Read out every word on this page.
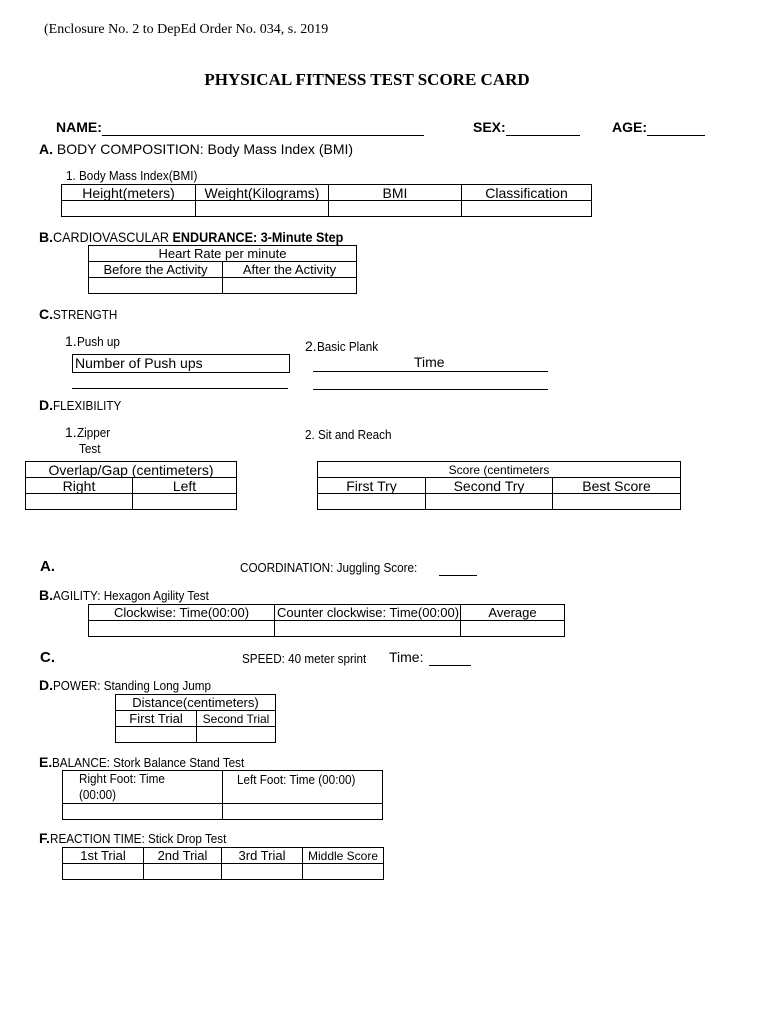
(Enclosure No. 2 to DepEd Order No. 034, s. 2019
PHYSICAL FITNESS TEST SCORE CARD
NAME:	SEX:	AGE:
A. BODY COMPOSITION: Body Mass Index (BMI)
1. Body Mass Index(BMI)
Height(meters)	Weight(Kilograms)	BMI	Classification

B.CARDIOVASCULAR ENDURANCE: 3-Minute Step
Heart Rate per minute	
Before the Activity	After the Activity

C.STRENGTH
1.Push up
Number of Push ups
2.Basic Plank
Time
D.FLEXIBILITY
1.Zipper
Test
Overlap/Gap (centimeters)	
Right	Left

2. Sit and Reach
Score (centimeters		
First Try	Second Try	Best Score

A.	COORDINATION: Juggling Score:
B.AGILITY: Hexagon Agility Test
Clockwise: Time(00:00)	Counter clockwise: Time(00:00)	Average

C.	SPEED: 40 meter sprint	Time:
D.POWER: Standing Long Jump
Distance(centimeters)	
First Trial	Second Trial

E.BALANCE: Stork Balance Stand Test
Right Foot: Time
(00:00)	Left Foot: Time (00:00)

F.REACTION TIME: Stick Drop Test
1st Trial	2nd Trial	3rd Trial	Middle Score
